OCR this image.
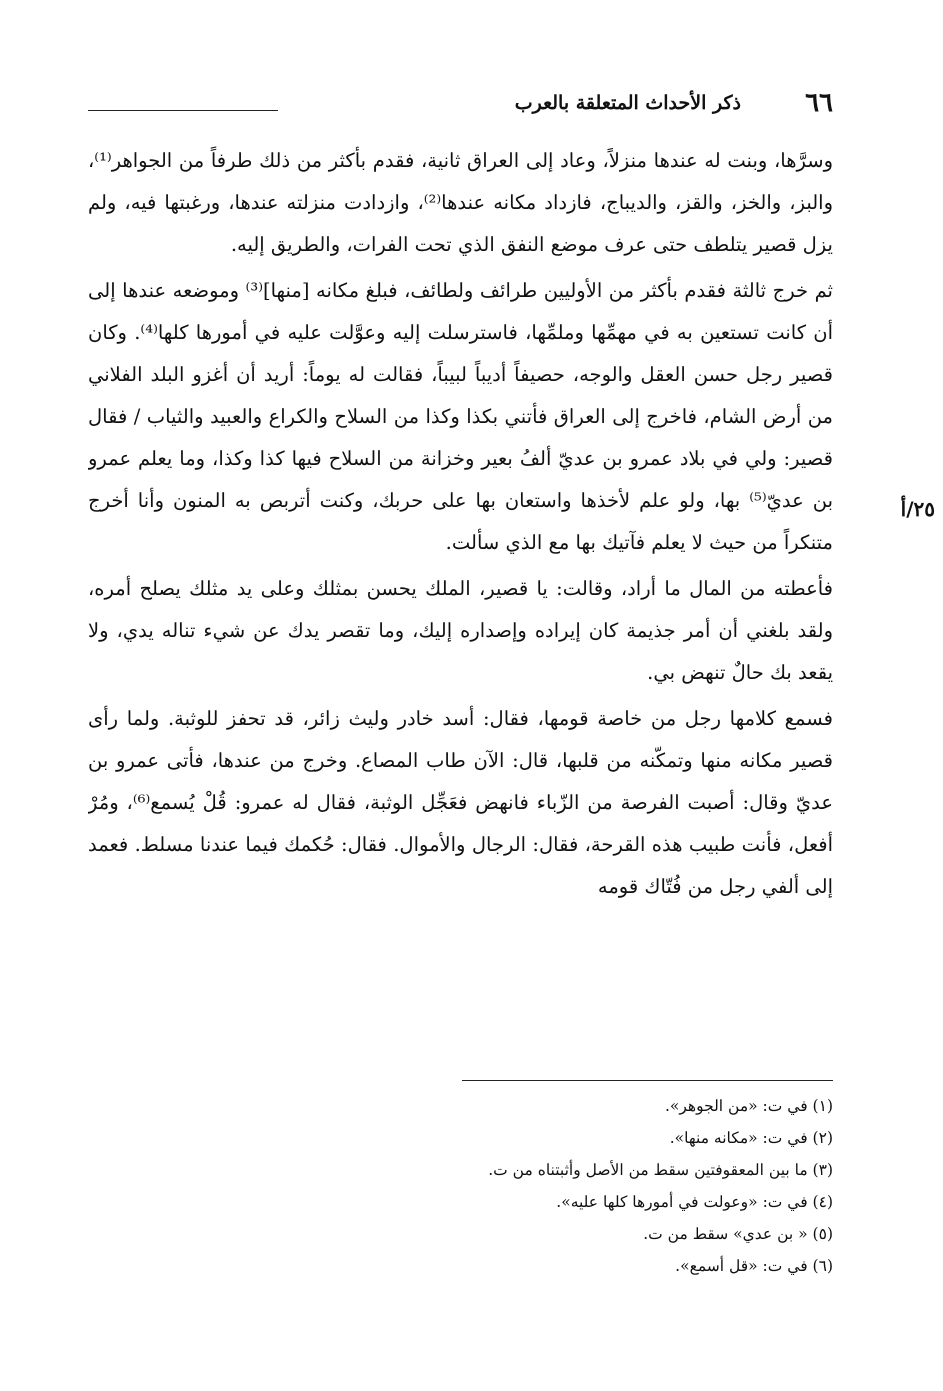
٦٦
ذكر الأحداث المتعلقة بالعرب
٢٥/أ

وسرَّها، وبنت له عندها منزلاً، وعاد إلى العراق ثانية، فقدم بأكثر من ذلك طرفاً من الجواهر⁽¹⁾، والبز، والخز، والقز، والديباج، فازداد مكانه عندها⁽²⁾، وازدادت منزلته عندها، ورغبتها فيه، ولم يزل قصير يتلطف حتى عرف موضع النفق الذي تحت الفرات، والطريق إليه.

ثم خرج ثالثة فقدم بأكثر من الأوليين طرائف ولطائف، فبلغ مكانه [منها]⁽³⁾ وموضعه عندها إلى أن كانت تستعين به في مهمِّها وملمِّها، فاسترسلت إليه وعوَّلت عليه في أمورها كلها⁽⁴⁾. وكان قصير رجل حسن العقل والوجه، حصيفاً أديباً لبيباً، فقالت له يوماً: أريد أن أغزو البلد الفلاني من أرض الشام، فاخرج إلى العراق فأتني بكذا وكذا من السلاح والكراع والعبيد والثياب / فقال قصير: ولي في بلاد عمرو بن عديّ ألفُ بعير وخزانة من السلاح فيها كذا وكذا، وما يعلم عمرو بن عديّ⁽⁵⁾ بها، ولو علم لأخذها واستعان بها على حربك، وكنت أتربص به المنون وأنا أخرج متنكراً من حيث لا يعلم فآتيك بها مع الذي سألت.

فأعطته من المال ما أراد، وقالت: يا قصير، الملك يحسن بمثلك وعلى يد مثلك يصلح أمره، ولقد بلغني أن أمر جذيمة كان إيراده وإصداره إليك، وما تقصر يدك عن شيء تناله يدي، ولا يقعد بك حالٌ تنهض بي.

فسمع كلامها رجل من خاصة قومها، فقال: أسد خادر وليث زائر، قد تحفز للوثبة. ولما رأى قصير مكانه منها وتمكّنه من قلبها، قال: الآن طاب المصاع. وخرج من عندها، فأتى عمرو بن عديّ وقال: أصبت الفرصة من الزّباء فانهض فعَجِّل الوثبة، فقال له عمرو: قُلْ يُسمع⁽⁶⁾، ومُرْ أفعل، فأنت طبيب هذه القرحة، فقال: الرجال والأموال. فقال: حُكمك فيما عندنا مسلط. فعمد إلى ألفي رجل من فُتّاك قومه

(١) في ت: «من الجوهر».
(٢) في ت: «مكانه منها».
(٣) ما بين المعقوفتين سقط من الأصل وأثبتناه من ت.
(٤) في ت: «وعولت في أمورها كلها عليه».
(٥) « بن عدي» سقط من ت.
(٦) في ت: «قل أسمع».
